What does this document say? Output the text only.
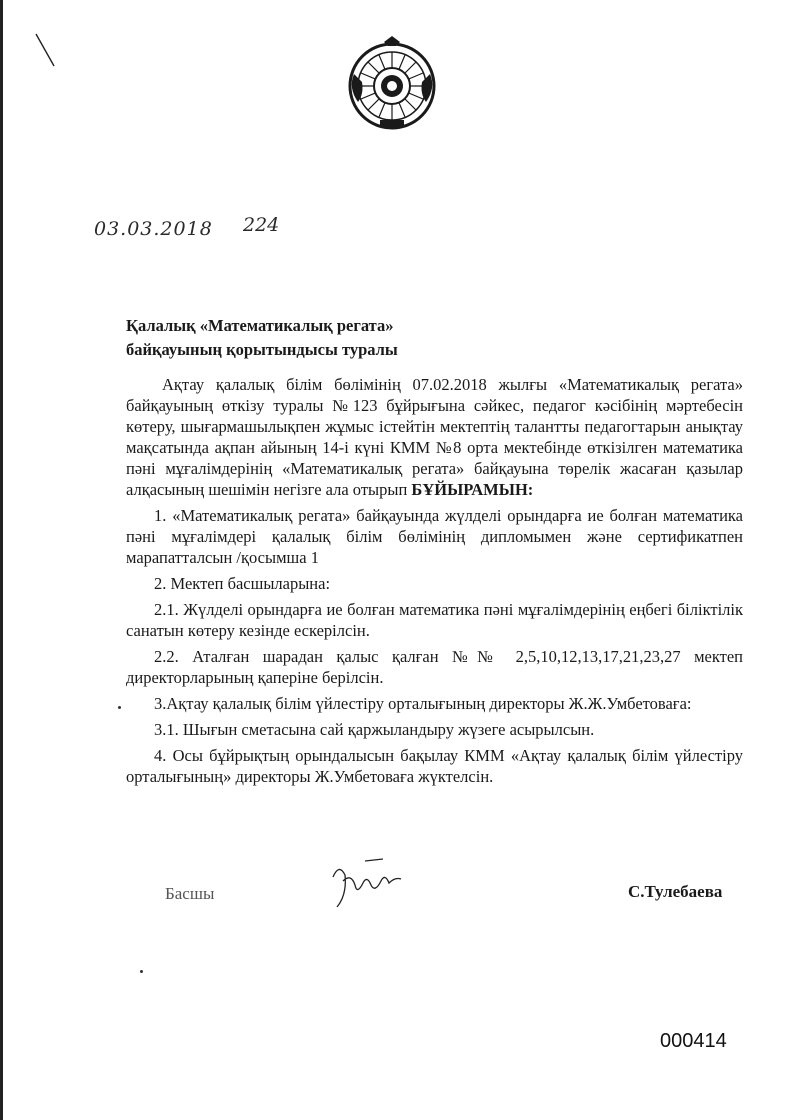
03.03.2018 224
Қалалық «Математикалық регата»
байқауының қорытындысы туралы

Ақтау қалалық білім бөлімінің 07.02.2018 жылғы «Математикалық регата» байқауының өткізу туралы №123 бұйрығына сәйкес, педагог кәсібінің мәртебесін көтеру, шығармашылықпен жұмыс істейтін мектептің талантты педагогтарын анықтау мақсатында ақпан айының 14-і күні КММ №8 орта мектебінде өткізілген математика пәні мұғалімдерінің «Математикалық регата» байқауына төрелік жасаған қазылар алқасының шешімін негізге ала отырып БҰЙЫРАМЫН:

1. «Математикалық регата» байқауында жүлделі орындарға ие болған математика пәні мұғалімдері қалалық білім бөлімінің дипломымен және сертификатпен марапатталсын /қосымша 1

2. Мектеп басшыларына:

2.1. Жүлделі орындарға ие болған математика пәні мұғалімдерінің еңбегі біліктілік санатын көтеру кезінде ескерілсін.

2.2. Аталған шарадан қалыс қалған №№ 2,5,10,12,13,17,21,23,27 мектеп директорларының қаперіне берілсін.

3.Ақтау қалалық білім үйлестіру орталығының директоры Ж.Ж.Умбетоваға:

3.1. Шығын сметасына сай қаржыландыру жүзеге асырылсын.

4. Осы бұйрықтың орындалысын бақылау КММ «Ақтау қалалық білім үйлестіру орталығының» директоры Ж.Умбетоваға жүктелсін.

Басшы	С.Тулебаева
000414
